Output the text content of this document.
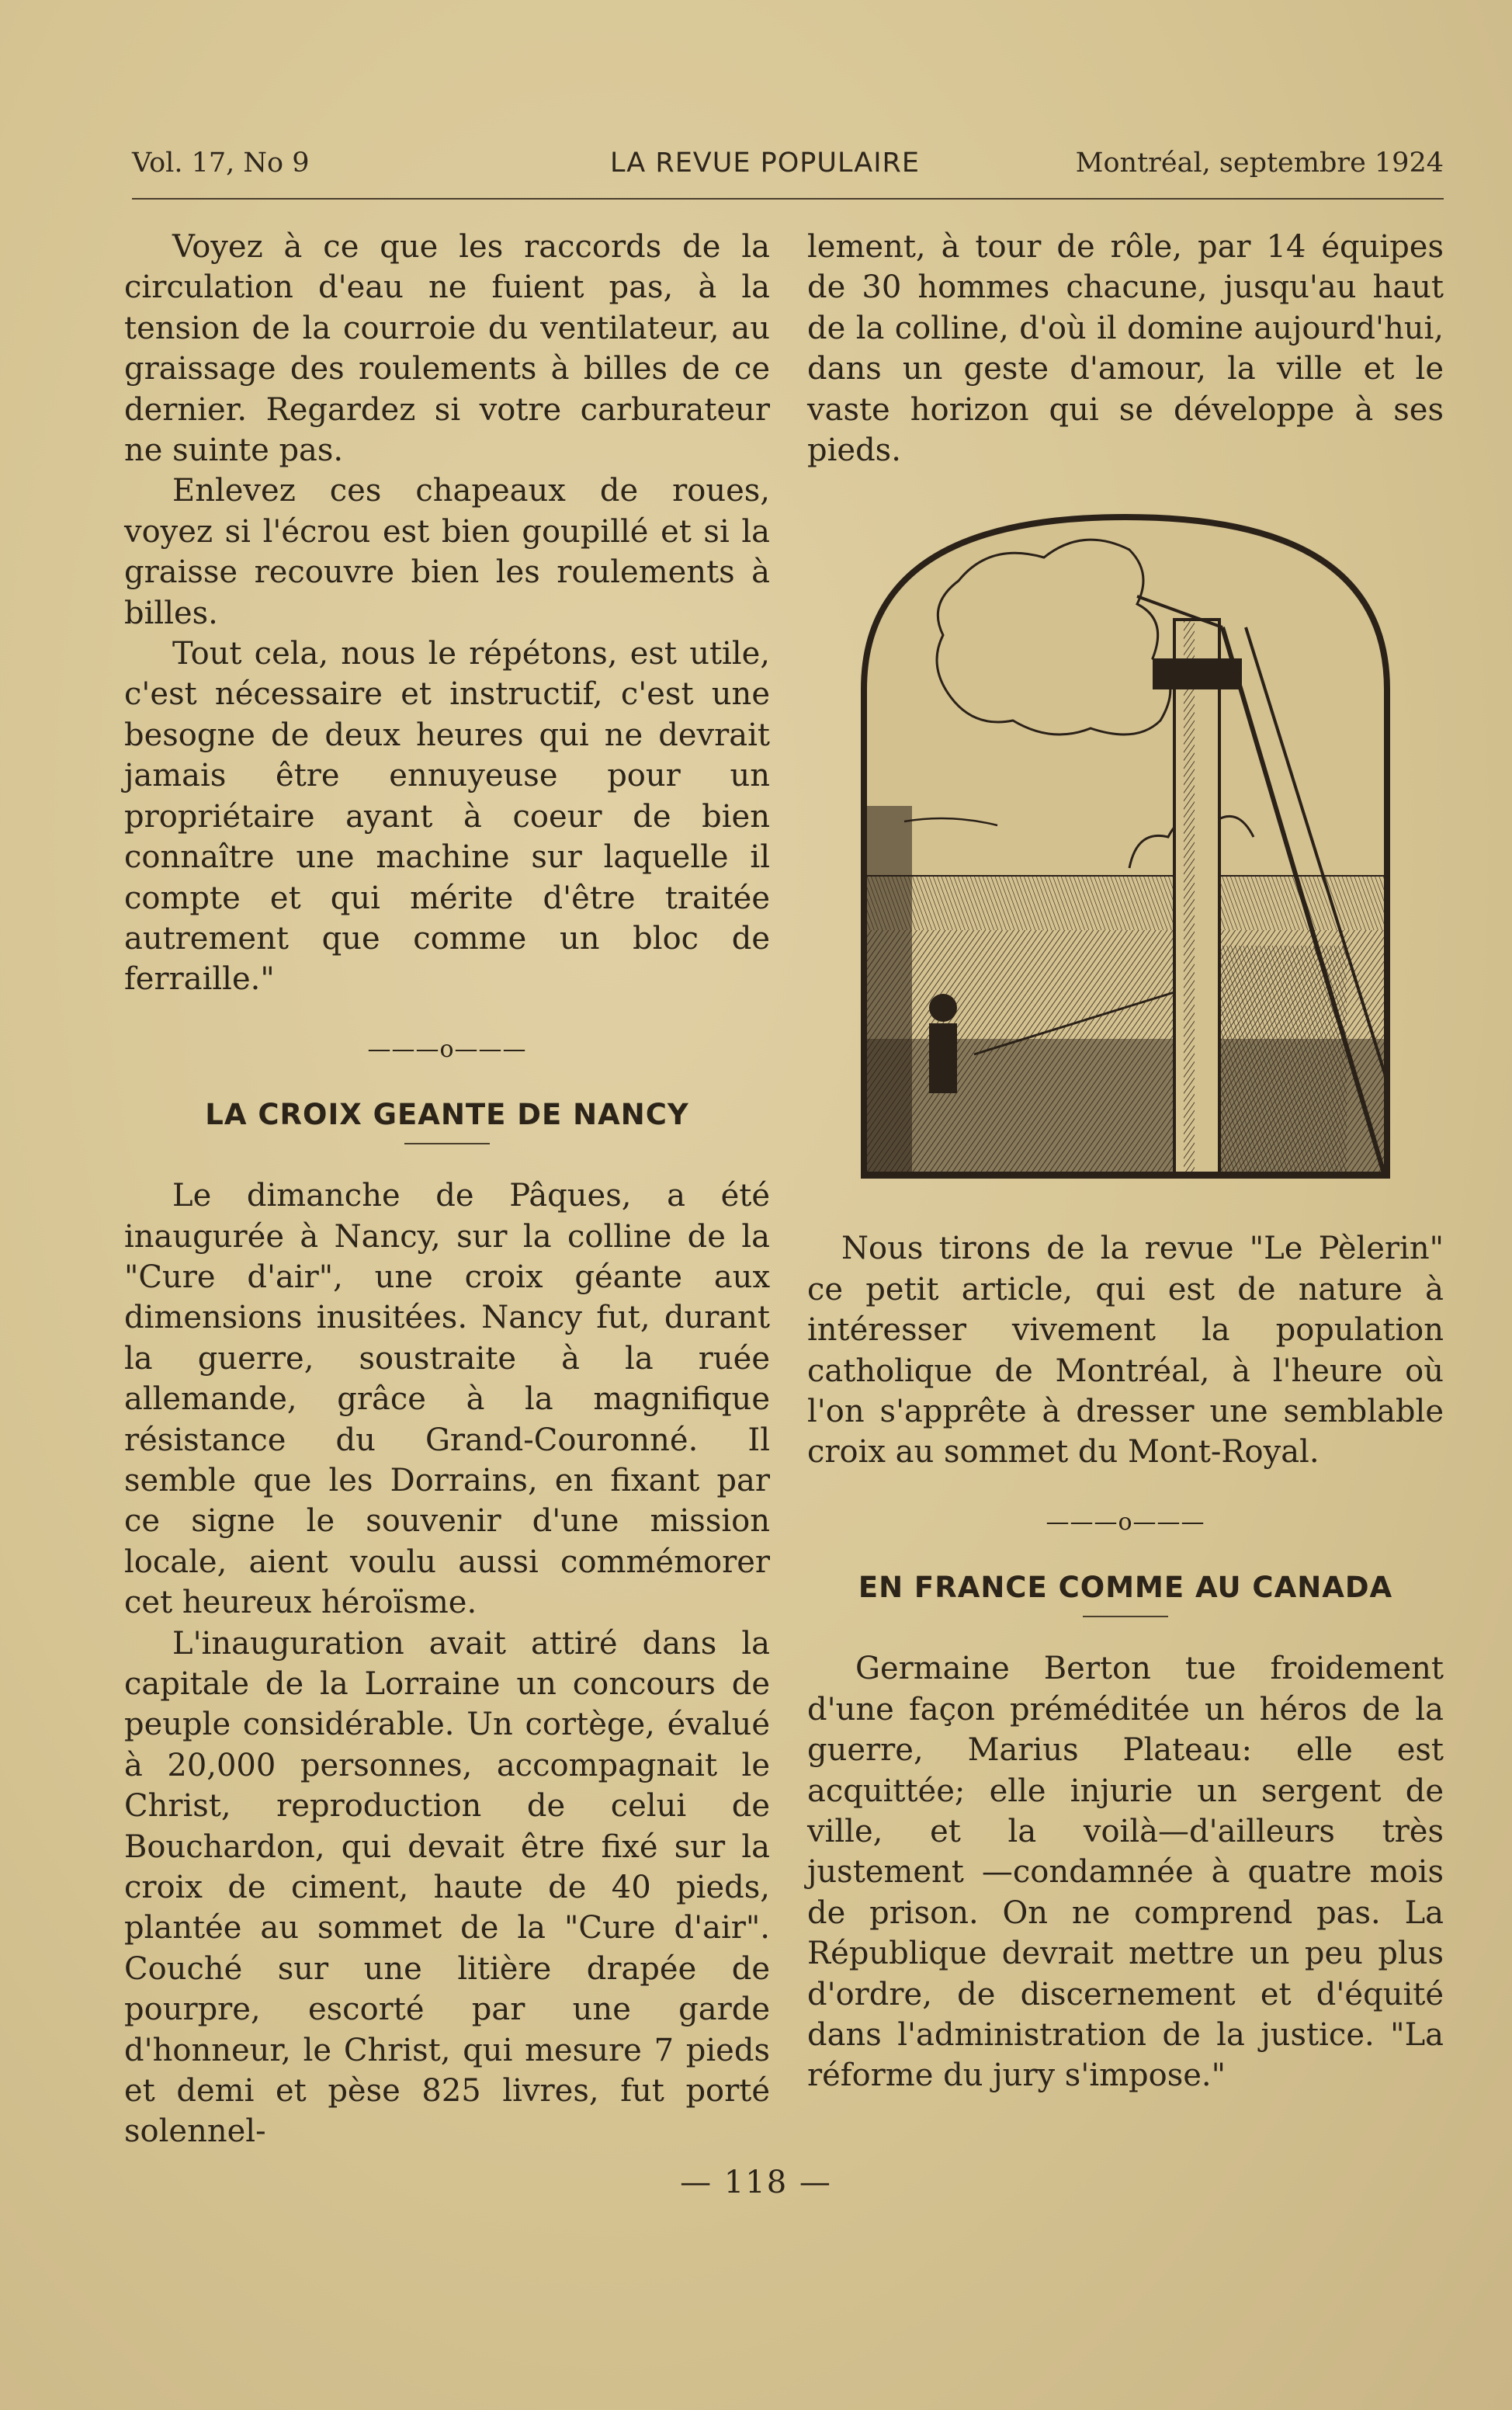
Vol. 17, No 9	LA REVUE POPULAIRE	Montréal, septembre 1924

Voyez à ce que les raccords de la circulation d'eau ne fuient pas, à la tension de la courroie du ventilateur, au graissage des roulements à billes de ce dernier. Regardez si votre carburateur ne suinte pas.

Enlevez ces chapeaux de roues, voyez si l'écrou est bien goupillé et si la graisse recouvre bien les roulements à billes.

Tout cela, nous le répétons, est utile, c'est nécessaire et instructif, c'est une besogne de deux heures qui ne devrait jamais être ennuyeuse pour un propriétaire ayant à coeur de bien connaître une machine sur laquelle il compte et qui mérite d'être traitée autrement que comme un bloc de ferraille."

———o———
LA CROIX GEANTE DE NANCY

Le dimanche de Pâques, a été inaugurée à Nancy, sur la colline de la "Cure d'air", une croix géante aux dimensions inusitées. Nancy fut, durant la guerre, soustraite à la ruée allemande, grâce à la magnifique résistance du Grand-Couronné. Il semble que les Dorrains, en fixant par ce signe le souvenir d'une mission locale, aient voulu aussi commémorer cet heureux héroïsme.

L'inauguration avait attiré dans la capitale de la Lorraine un concours de peuple considérable. Un cortège, évalué à 20,000 personnes, accompagnait le Christ, reproduction de celui de Bouchardon, qui devait être fixé sur la croix de ciment, haute de 40 pieds, plantée au sommet de la "Cure d'air". Couché sur une litière drapée de pourpre, escorté par une garde d'honneur, le Christ, qui mesure 7 pieds et demi et pèse 825 livres, fut porté solennel-

lement, à tour de rôle, par 14 équipes de 30 hommes chacune, jusqu'au haut de la colline, d'où il domine aujourd'hui, dans un geste d'amour, la ville et le vaste horizon qui se développe à ses pieds.

Nous tirons de la revue "Le Pèlerin" ce petit article, qui est de nature à intéresser vivement la population catholique de Montréal, à l'heure où l'on s'apprête à dresser une semblable croix au sommet du Mont-Royal.

———o———
EN FRANCE COMME AU CANADA

Germaine Berton tue froidement d'une façon préméditée un héros de la guerre, Marius Plateau: elle est acquittée; elle injurie un sergent de ville, et la voilà—d'ailleurs très justement —condamnée à quatre mois de prison. On ne comprend pas. La République devrait mettre un peu plus d'ordre, de discernement et d'équité dans l'administration de la justice. "La réforme du jury s'impose."

— 118 —
